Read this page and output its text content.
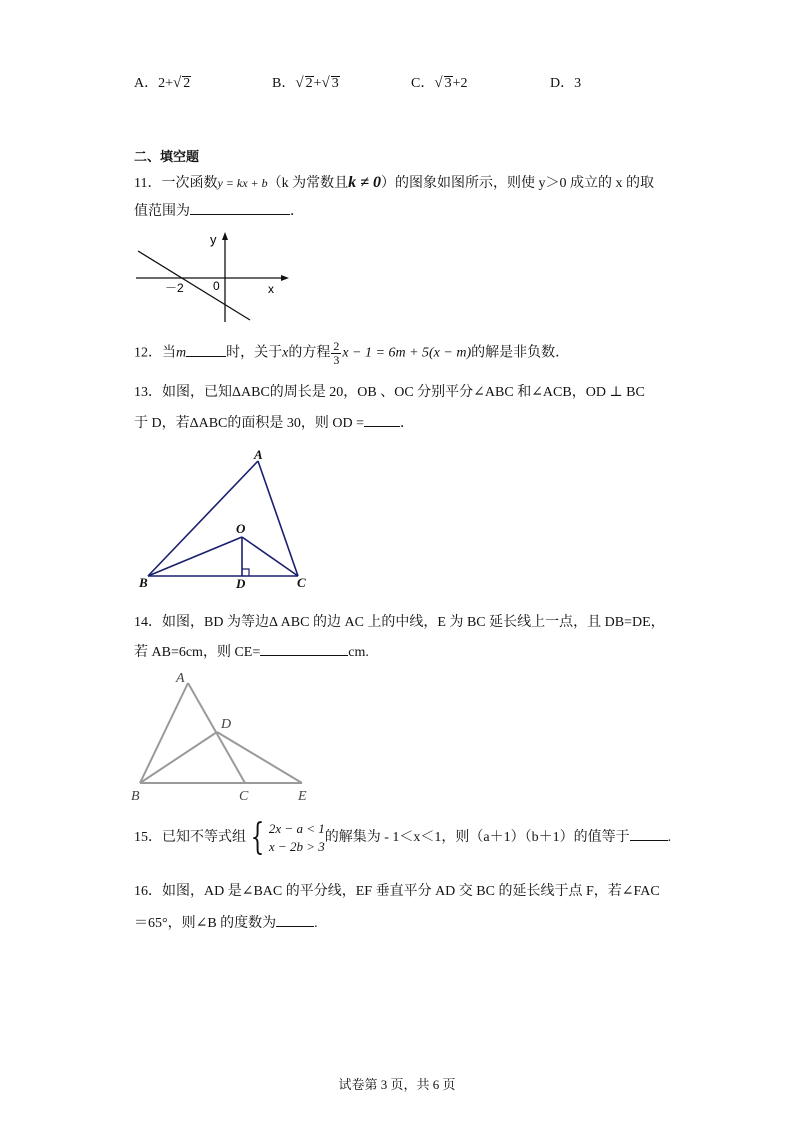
A．2+√ 2	B．√ 2+√ 3	C．√ 3+2	D．3
二、填空题
11．一次函数y = kx + b（k 为常数且k ≠ 0）的图象如图所示，则使 y＞0 成立的 x 的取
值范围为	．
y
x
0
－2
12．当m	时，关于x的方程 $\frac{2}{3}$ x − 1 = 6m + 5(x − m)的解是非负数．
13．如图，已知ΔABC的周长是 20，OB 、OC 分别平分∠ABC 和∠ACB，OD ⊥ BC
于 D，若ΔABC的面积是 30，则 OD =	．
A
O
B	D	C
14．如图，BD 为等边Δ ABC 的边 AC 上的中线，E 为 BC 延长线上一点，且 DB=DE，
若 AB=6cm，则 CE=	cm.
A
D
B	C	E
15．已知不等式组 { 2x − a < 1
x − 2b > 3
的解集为 - 1＜x＜1，则（a＋1）（b＋1）的值等于	.
16．如图，AD 是∠BAC 的平分线，EF 垂直平分 AD 交 BC 的延长线于点 F，若∠FAC
＝65°，则∠B 的度数为	.
试卷第 3 页，共 6 页
